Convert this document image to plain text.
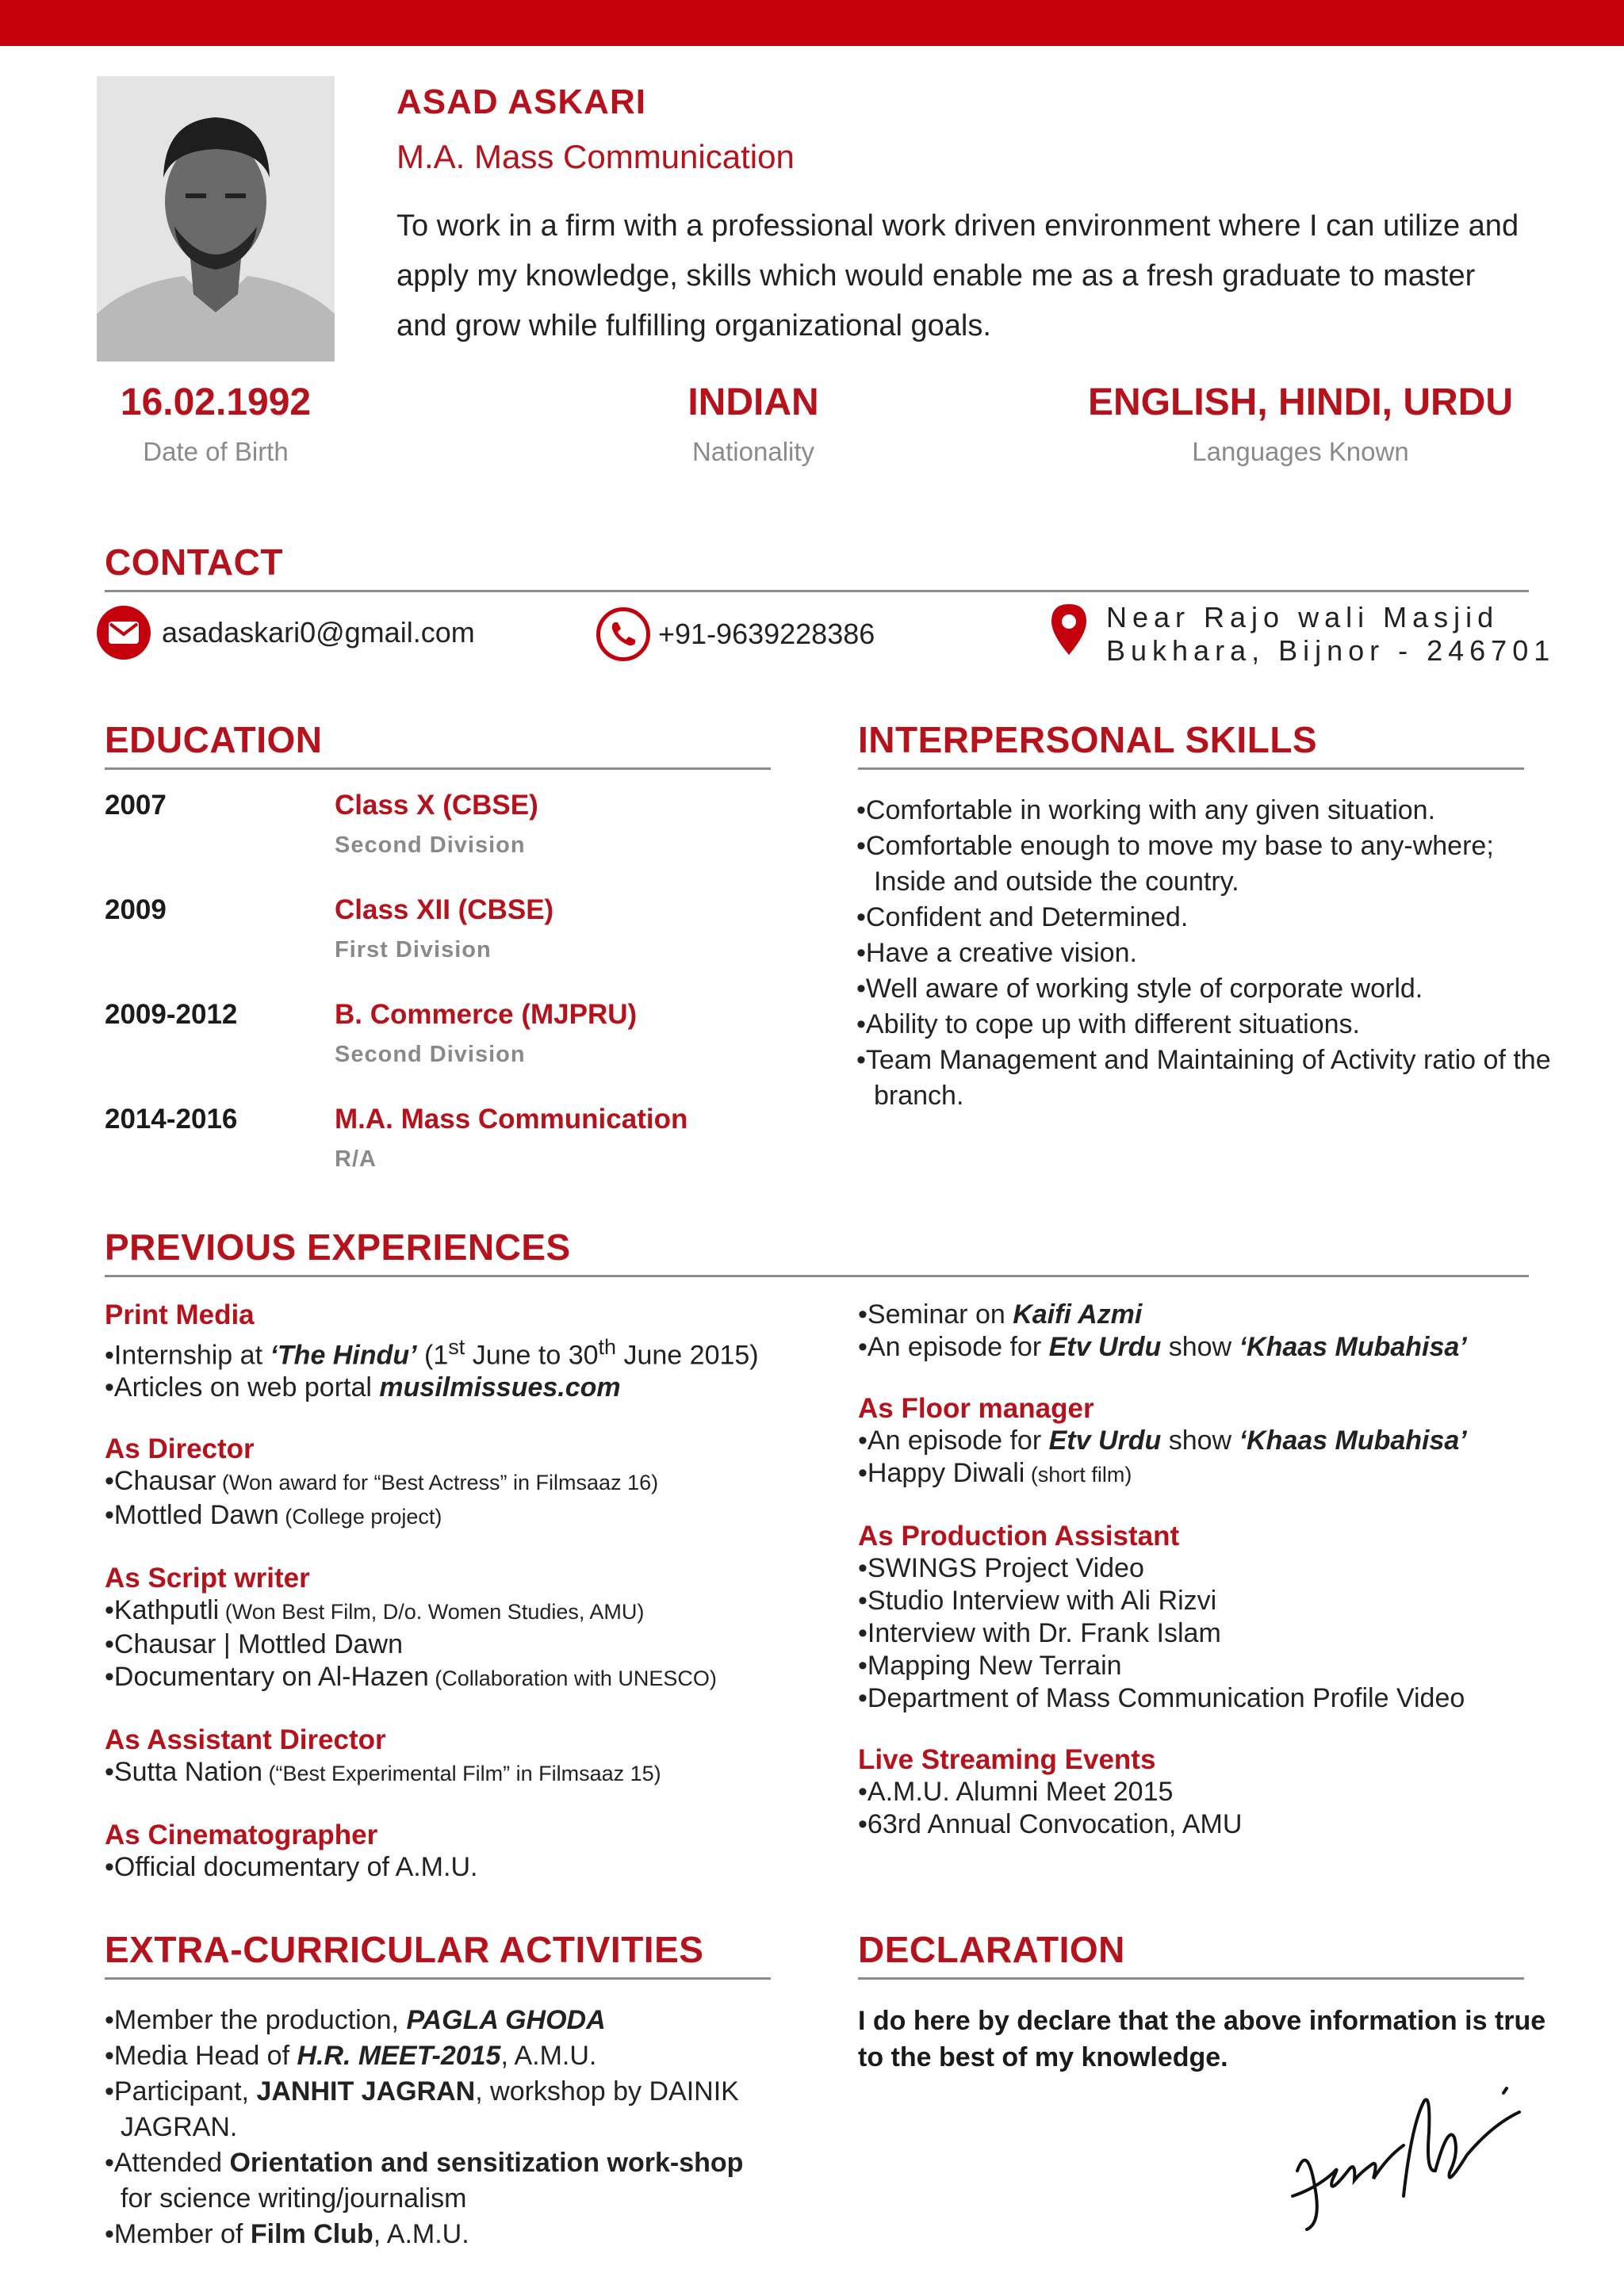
ASAD ASKARI
M.A. Mass Communication
To work in a firm with a professional work driven environment where I can utilize and apply my knowledge, skills which would enable me as a fresh graduate to master and grow while fulfilling organizational goals.
16.02.1992
Date of Birth
INDIAN
Nationality
ENGLISH, HINDI, URDU
Languages Known
CONTACT
asadaskari0@gmail.com	+91-9639228386
Near Rajo wali Masjid
Bukhara, Bijnor - 246701
EDUCATION
2007	Class X (CBSE)
Second Division
2009	Class XII (CBSE)
First Division
2009-2012	B. Commerce (MJPRU)
Second Division
2014-2016	M.A. Mass Communication
R/A
INTERPERSONAL SKILLS
•Comfortable in working with any given situation.
•Comfortable enough to move my base to any-where; Inside and outside the country.
•Confident and Determined.
•Have a creative vision.
•Well aware of working style of corporate world.
•Ability to cope up with different situations.
•Team Management and Maintaining of Activity ratio of the branch.
PREVIOUS EXPERIENCES
Print Media
•Internship at ‘The Hindu’ (1st June to 30th June 2015)
•Articles on web portal musilmissues.com
As Director
•Chausar (Won award for “Best Actress” in Filmsaaz 16)
•Mottled Dawn (College project)
As Script writer
•Kathputli (Won Best Film, D/o. Women Studies, AMU)
•Chausar | Mottled Dawn
•Documentary on Al-Hazen (Collaboration with UNESCO)
As Assistant Director
•Sutta Nation (“Best Experimental Film” in Filmsaaz 15)
As Cinematographer
•Official documentary of A.M.U.
•Seminar on Kaifi Azmi
•An episode for Etv Urdu show ‘Khaas Mubahisa’
As Floor manager
•An episode for Etv Urdu show ‘Khaas Mubahisa’
•Happy Diwali (short film)
As Production Assistant
•SWINGS Project Video
•Studio Interview with Ali Rizvi
•Interview with Dr. Frank Islam
•Mapping New Terrain
•Department of Mass Communication Profile Video
Live Streaming Events
•A.M.U. Alumni Meet 2015
•63rd Annual Convocation, AMU
EXTRA-CURRICULAR ACTIVITIES
•Member the production, PAGLA GHODA
•Media Head of H.R. MEET-2015, A.M.U.
•Participant, JANHIT JAGRAN, workshop by DAINIK JAGRAN.
•Attended Orientation and sensitization work-shop for science writing/journalism
•Member of Film Club, A.M.U.
DECLARATION
I do here by declare that the above information is true to the best of my knowledge.
